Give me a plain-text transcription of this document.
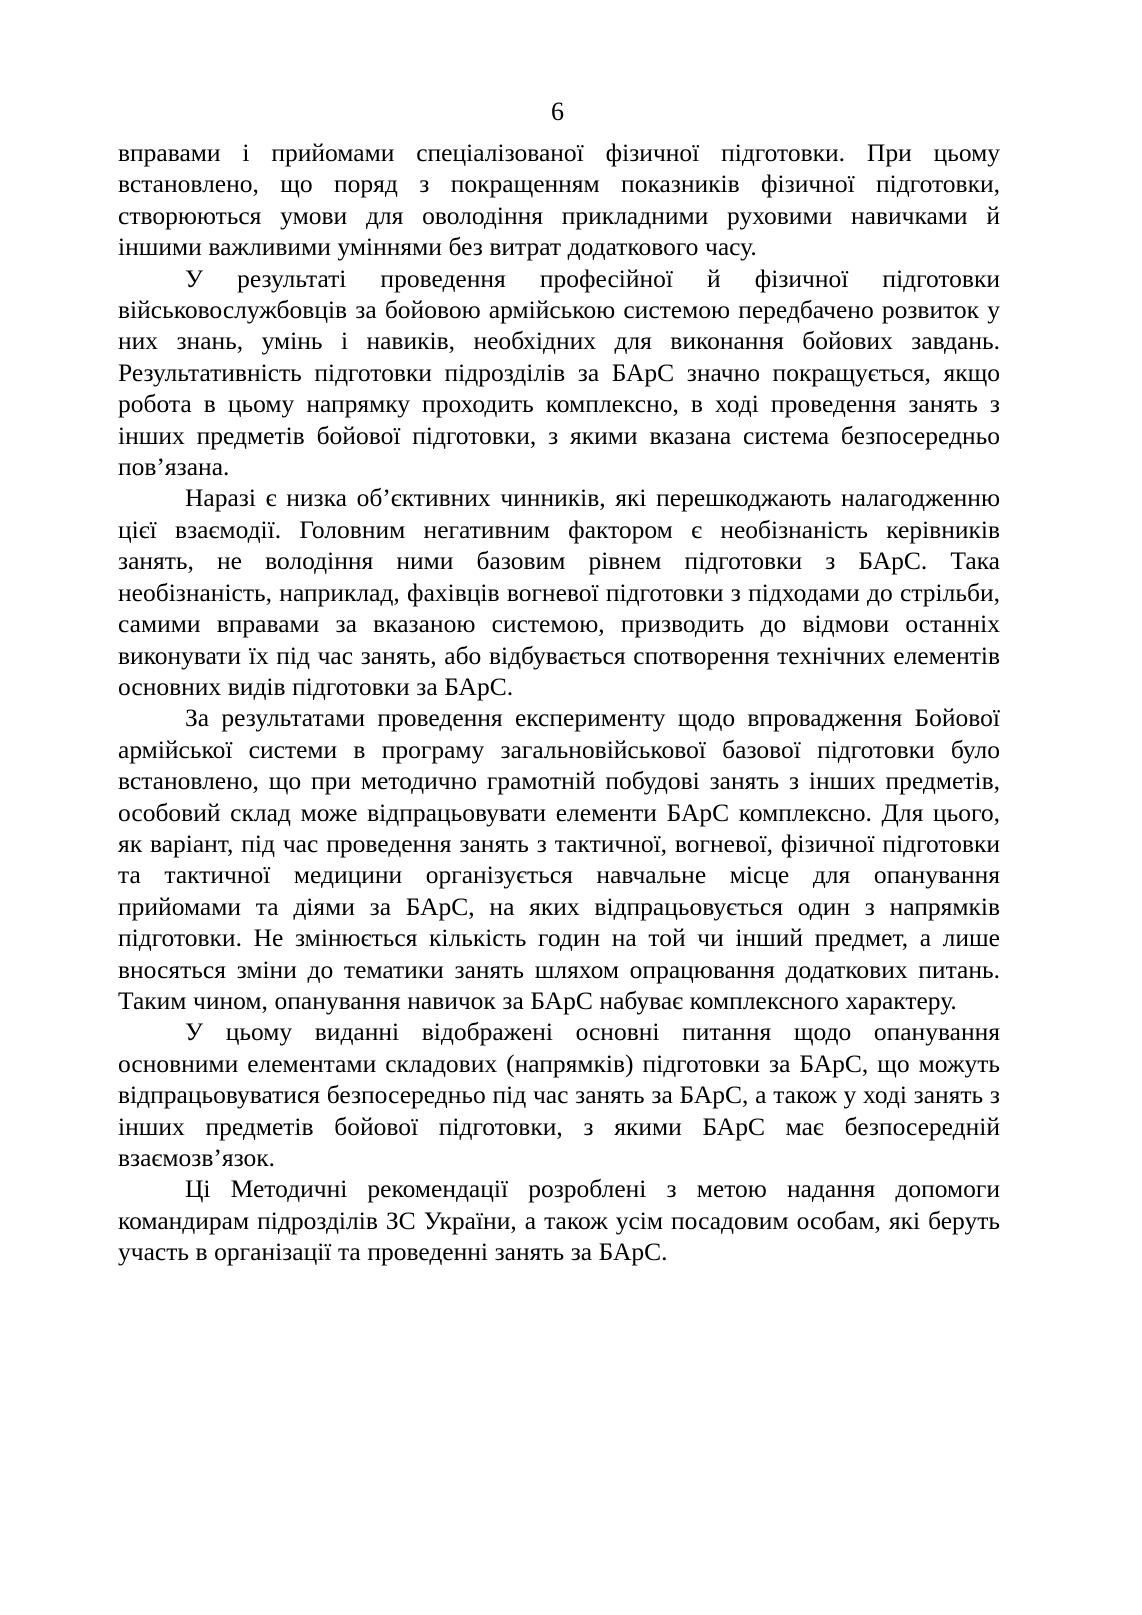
6

вправами і прийомами спеціалізованої фізичної підготовки. При цьому встановлено, що поряд з покращенням показників фізичної підготовки, створюються умови для оволодіння прикладними руховими навичками й іншими важливими уміннями без витрат додаткового часу.

У результаті проведення професійної й фізичної підготовки військовослужбовців за бойовою армійською системою передбачено розвиток у них знань, умінь і навиків, необхідних для виконання бойових завдань. Результативність підготовки підрозділів за БАрС значно покращується, якщо робота в цьому напрямку проходить комплексно, в ході проведення занять з інших предметів бойової підготовки, з якими вказана система безпосередньо пов’язана.

Наразі є низка об’єктивних чинників, які перешкоджають налагодженню цієї взаємодії. Головним негативним фактором є необізнаність керівників занять, не володіння ними базовим рівнем підготовки з БАрС. Така необізнаність, наприклад, фахівців вогневої підготовки з підходами до стрільби, самими вправами за вказаною системою, призводить до відмови останніх виконувати їх під час занять, або відбувається спотворення технічних елементів основних видів підготовки за БАрС.

За результатами проведення експерименту щодо впровадження Бойової армійської системи в програму загальновійськової базової підготовки було встановлено, що при методично грамотній побудові занять з інших предметів, особовий склад може відпрацьовувати елементи БАрС комплексно. Для цього, як варіант, під час проведення занять з тактичної, вогневої, фізичної підготовки та тактичної медицини організується навчальне місце для опанування прийомами та діями за БАрС, на яких відпрацьовується один з напрямків підготовки. Не змінюється кількість годин на той чи інший предмет, а лише вносяться зміни до тематики занять шляхом опрацювання додаткових питань. Таким чином, опанування навичок за БАрС набуває комплексного характеру.

У цьому виданні відображені основні питання щодо опанування основними елементами складових (напрямків) підготовки за БАрС, що можуть відпрацьовуватися безпосередньо під час занять за БАрС, а також у ході занять з інших предметів бойової підготовки, з якими БАрС має безпосередній взаємозв’язок.

Ці Методичні рекомендації розроблені з метою надання допомоги командирам підрозділів ЗС України, а також усім посадовим особам, які беруть участь в організації та проведенні занять за БАрС.
